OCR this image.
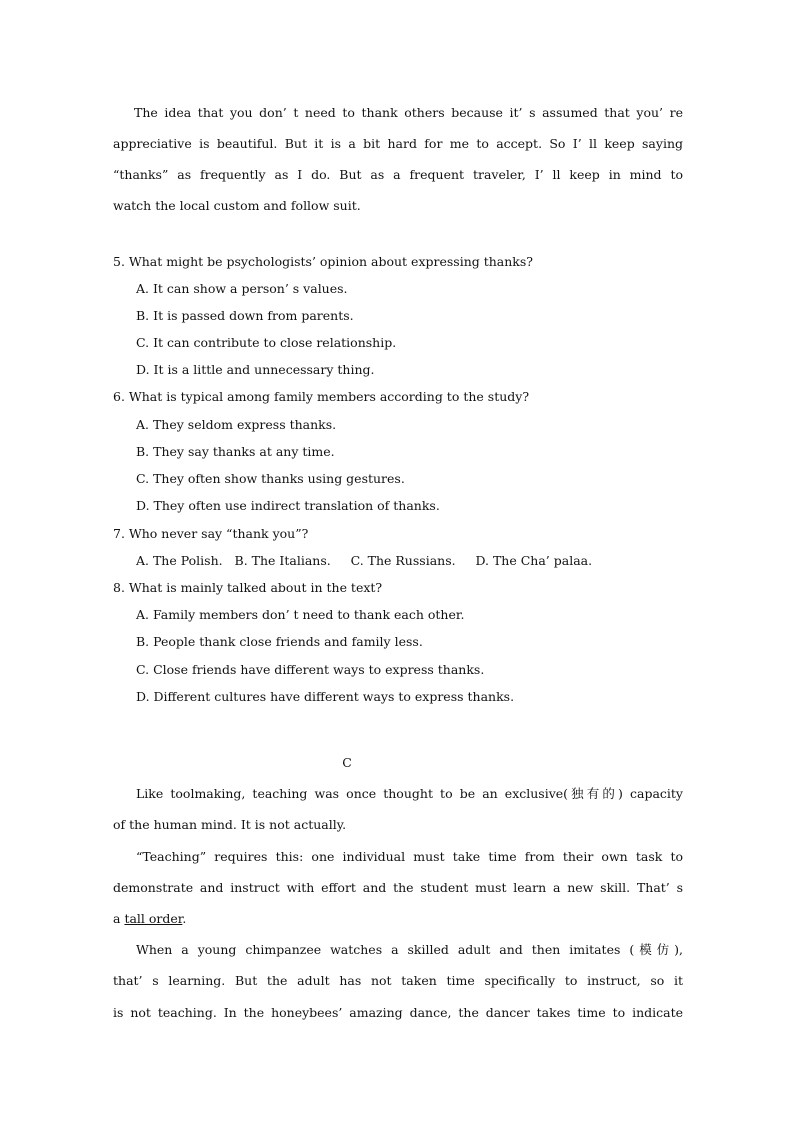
The idea that you don’ t need to thank others because it’ s assumed that you’ re
appreciative is beautiful. But it is a bit hard for me to accept. So I’ ll keep saying
“thanks” as frequently as I do. But as a frequent traveler, I’ ll keep in mind to
watch the local custom and follow suit.
5. What might be psychologists’ opinion about expressing thanks?
A. It can show a person’ s values.
B. It is passed down from parents.
C. It can contribute to close relationship.
D. It is a little and unnecessary thing.
6. What is typical among family members according to the study?
A. They seldom express thanks.
B. They say thanks at any time.
C. They often show thanks using gestures.
D. They often use indirect translation of thanks.
7. Who never say “thank you”?
A. The Polish.   B. The Italians.     C. The Russians.     D. The Cha’ palaa.
8. What is mainly talked about in the text?
A. Family members don’ t need to thank each other.
B. People thank close friends and family less.
C. Close friends have different ways to express thanks.
D. Different cultures have different ways to express thanks.
C
Like toolmaking, teaching was once thought to be an exclusive(独有的) capacity
of the human mind. It is not actually.
“Teaching” requires this: one individual must take time from their own task to
demonstrate and instruct with effort and the student must learn a new skill. That’ s
a tall order.
When a young chimpanzee watches a skilled adult and then imitates (模仿),
that’ s learning. But the adult has not taken time specifically to instruct, so it
is not teaching. In the honeybees’ amazing dance, the dancer takes time to indicate
